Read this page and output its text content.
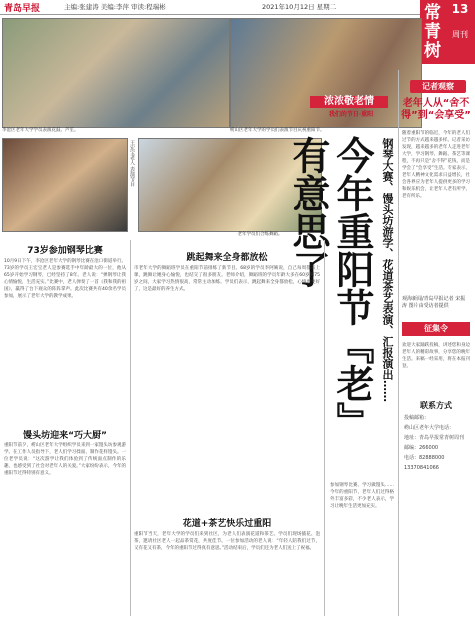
青岛早报	主编:张建涛 美编:李萍 审读:程瑞彬	2021年10月12日 星期二	常青树
13
周刊
浓浓敬老情
我们的节日·重阳
李沧区老年大学学员表演花鼓、芦笙。	崂山区老年大学的学员们表演节目庆祝重阳节。
王宏宝老人 表演节目
老年学员们合练舞蹈。	今年重阳节『老』有意思了	钢琴大赛、馒头坊游学、花道茶艺表演、汇报演出……
73岁参加钢琴比赛
10月9日下午，李沧区老年大学的钢琴比赛在沧口街道举行。73岁的学员王宏宝老人是参赛选手中年龄最大的一位，他从65岁开始学习钢琴，已经坚持了8年。老人说：“弹钢琴让我心情愉悦，生活充实。”比赛中，老人弹奏了一首《我和我的祖国》，赢得了台下观众的阵阵掌声。此次比赛共有40余名学员参加，展示了老年大学的教学成果。
馒头坊迎来“巧大厨”
重阳节前夕，崂山区老年大学组织学员来到一家馒头坊参观游学。在工作人员指导下，老人们学习揉面、制作花样馒头。一位老学员说：“这次游学让我们体验到了传统面点制作的乐趣，也感受到了社会对老年人的关爱。”大家纷纷表示，今年的重阳节过得特别有意义。
跳起舞来全身都放松
市老年大学的舞蹈班学员在重阳节前排练了新节目。68岁的学员李阿姨说，自己每周都来上课，跳舞让她身心愉悦，也结交了很多朋友。老师介绍，舞蹈班的学员年龄大多在60岁到75岁之间，大家学习热情很高，常常主动加练。学员们表示，跳起舞来全身都放松，心情也变好了，这是最好的养生方式。
花道+茶艺快乐过重阳
重阳节当天，老年大学的学员们来到社区，为老人们表演花道和茶艺。学员们现场插花、泡茶，邀请社区老人一起品茶赏花，共度佳节。一位参加活动的老人说：“年轻人陪我们过节，又有花又有茶，今年的重阳节过得真有意思。”活动结束后，学员们还为老人们送上了祝福。
参加钢琴比赛、学习做馒头……今年的重阳节，老年人们过得格外丰富多彩，不少老人表示，学习让晚年生活更加充实。
记者观察
老年人从“舍不得”到“会享受”
随着重阳节的临近，今年的老人们过节的方式越来越多样。记者采访发现，越来越多的老年人走进老年大学，学习钢琴、舞蹈、茶艺等课程，不再只是“舍不得”花钱，而是学会了“会享受”生活。专家表示，老年人精神文化需求日益增长，社会各界应为老年人提供更多的学习和娱乐机会，让老年人老有所学、老有所乐。
观海新闻/青岛早报记者 宋振涛 图片由受访者提供
征集令
欢迎大家踊跃投稿，讲述您和身边老年人的精彩故事，分享您的晚年生活。来稿一经采用，将在本报刊登。
联系方式
投稿邮箱：
崂山区老年大学电话：
地址：青岛早报常青树周刊
邮编：266000
电话：82888000
13370841066
